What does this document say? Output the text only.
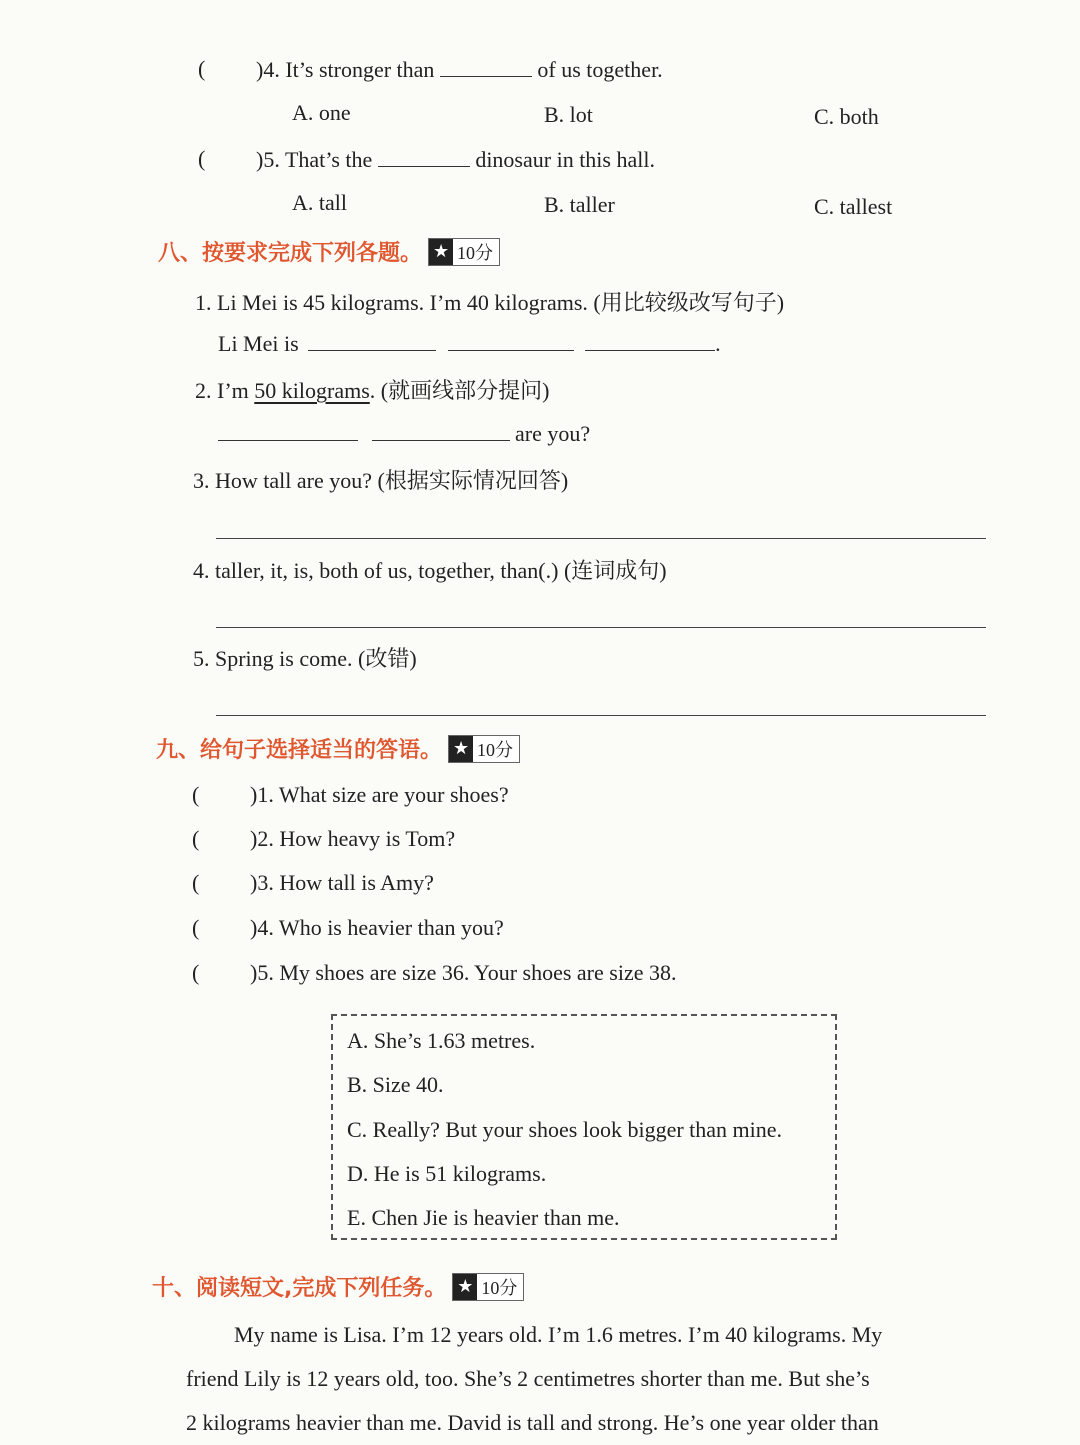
( )4. It’s stronger than	of us together.
A. one	B. lot	C. both
( )5. That’s the	dinosaur in this hall.
A. tall	B. taller	C. tallest
八、按要求完成下列各题。 ★ 10分
1. Li Mei is 45 kilograms. I’m 40 kilograms. (用比较级改写句子)
Li Mei is	.
2. I’m 50 kilograms. (就画线部分提问)
are you?
3. How tall are you? (根据实际情况回答)
4. taller, it, is, both of us, together, than(.) (连词成句)
5. Spring is come. (改错)
九、给句子选择适当的答语。 ★ 10分
( )1. What size are your shoes?
( )2. How heavy is Tom?
( )3. How tall is Amy?
( )4. Who is heavier than you?
( )5. My shoes are size 36. Your shoes are size 38.
A. She’s 1.63 metres.
B. Size 40.
C. Really? But your shoes look bigger than mine.
D. He is 51 kilograms.
E. Chen Jie is heavier than me.
十、阅读短文,完成下列任务。 ★ 10分
My name is Lisa. I’m 12 years old. I’m 1.6 metres. I’m 40 kilograms. My
friend Lily is 12 years old, too. She’s 2 centimetres shorter than me. But she’s
2 kilograms heavier than me. David is tall and strong. He’s one year older than
